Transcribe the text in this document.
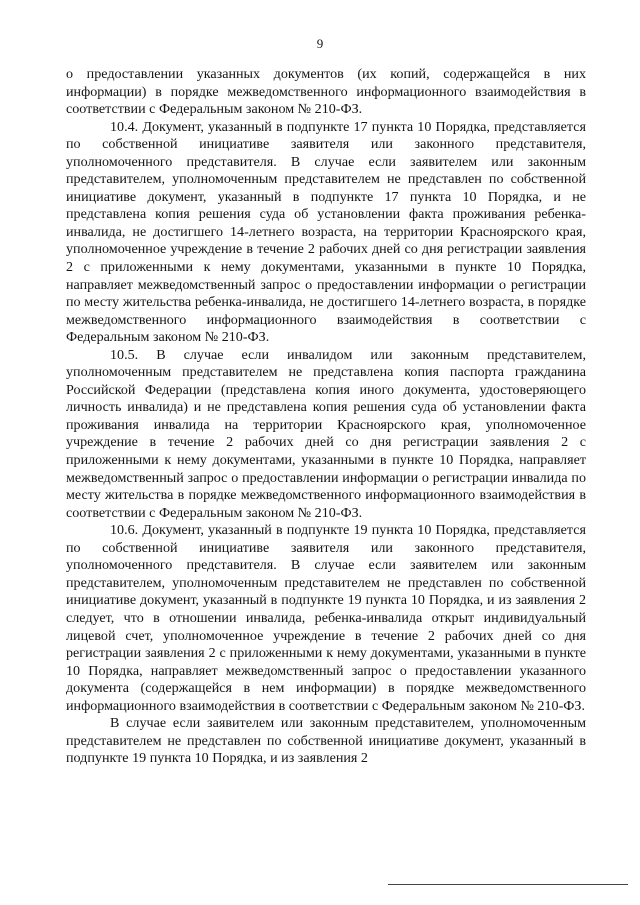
9

о предоставлении указанных документов (их копий, содержащейся в них информации) в порядке межведомственного информационного взаимодействия в соответствии с Федеральным законом № 210-ФЗ.

10.4. Документ, указанный в подпункте 17 пункта 10 Порядка, представляется по собственной инициативе заявителя или законного представителя, уполномоченного представителя. В случае если заявителем или законным представителем, уполномоченным представителем не представлен по собственной инициативе документ, указанный в подпункте 17 пункта 10 Порядка, и не представлена копия решения суда об установлении факта проживания ребенка-инвалида, не достигшего 14-летнего возраста, на территории Красноярского края, уполномоченное учреждение в течение 2 рабочих дней со дня регистрации заявления 2 с приложенными к нему документами, указанными в пункте 10 Порядка, направляет межведомственный запрос о предоставлении информации о регистрации по месту жительства ребенка-инвалида, не достигшего 14-летнего возраста, в порядке межведомственного информационного взаимодействия в соответствии с Федеральным законом № 210-ФЗ.

10.5. В случае если инвалидом или законным представителем, уполномоченным представителем не представлена копия паспорта гражданина Российской Федерации (представлена копия иного документа, удостоверяющего личность инвалида) и не представлена копия решения суда об установлении факта проживания инвалида на территории Красноярского края, уполномоченное учреждение в течение 2 рабочих дней со дня регистрации заявления 2 с приложенными к нему документами, указанными в пункте 10 Порядка, направляет межведомственный запрос о предоставлении информации о регистрации инвалида по месту жительства в порядке межведомственного информационного взаимодействия в соответствии с Федеральным законом № 210-ФЗ.

10.6. Документ, указанный в подпункте 19 пункта 10 Порядка, представляется по собственной инициативе заявителя или законного представителя, уполномоченного представителя. В случае если заявителем или законным представителем, уполномоченным представителем не представлен по собственной инициативе документ, указанный в подпункте 19 пункта 10 Порядка, и из заявления 2 следует, что в отношении инвалида, ребенка-инвалида открыт индивидуальный лицевой счет, уполномоченное учреждение в течение 2 рабочих дней со дня регистрации заявления 2 с приложенными к нему документами, указанными в пункте 10 Порядка, направляет межведомственный запрос о предоставлении указанного документа (содержащейся в нем информации) в порядке межведомственного информационного взаимодействия в соответствии с Федеральным законом № 210-ФЗ.

В случае если заявителем или законным представителем, уполномоченным представителем не представлен по собственной инициативе документ, указанный в подпункте 19 пункта 10 Порядка, и из заявления 2
